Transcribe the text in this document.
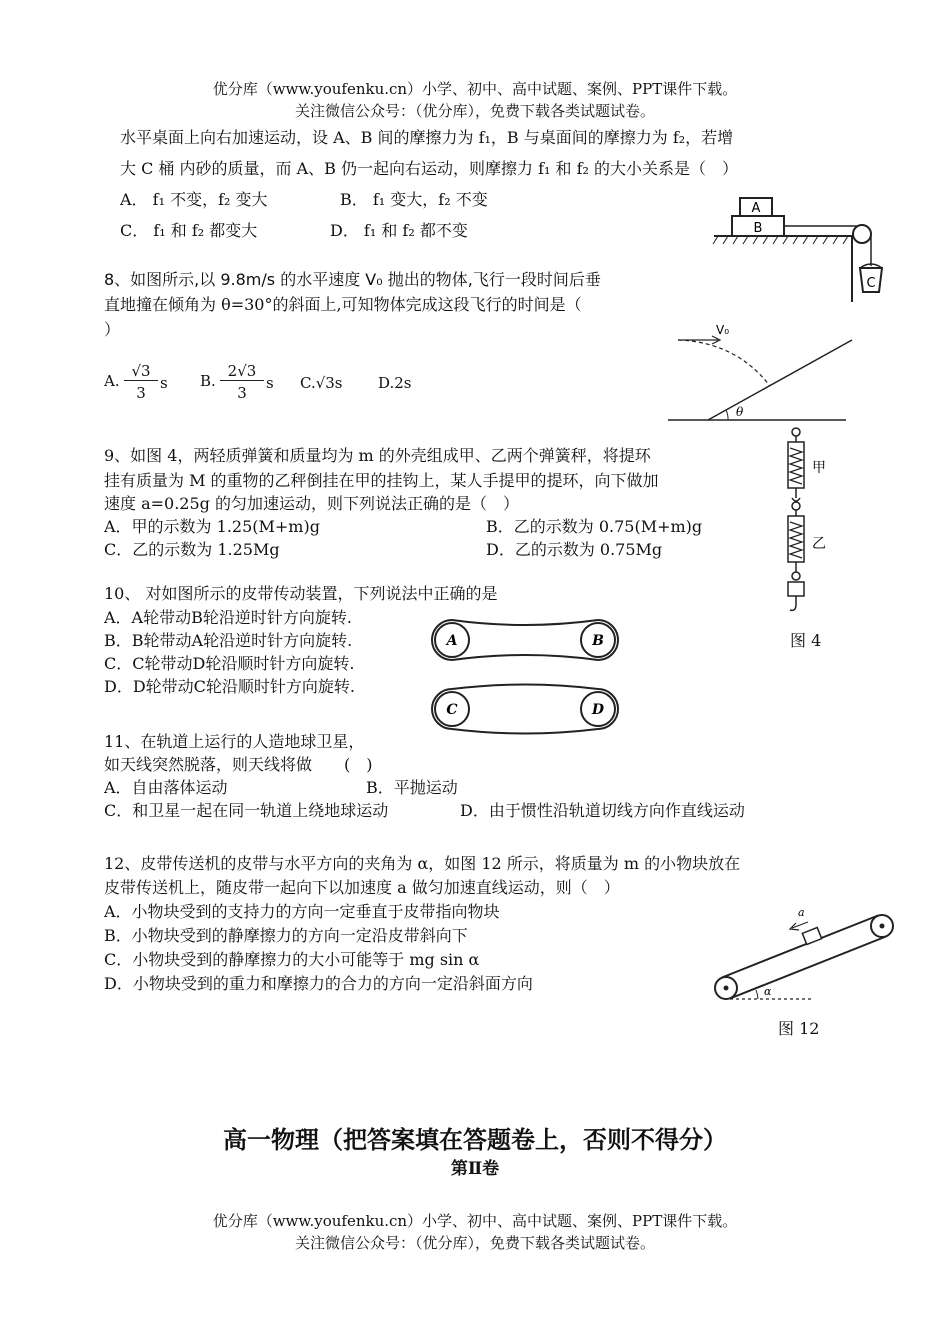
优分库（www.youfenku.cn）小学、初中、高中试题、案例、PPT课件下载。
关注微信公众号：（优分库），免费下载各类试题试卷。
水平桌面上向右加速运动，设 A、B 间的摩擦力为 f₁，B 与桌面间的摩擦力为 f₂，若增
大 C 桶 内砂的质量，而 A、B 仍一起向右运动，则摩擦力 f₁ 和 f₂ 的大小关系是（　）
A． f₁ 不变，f₂ 变大	B． f₁ 变大，f₂ 不变
C． f₁ 和 f₂ 都变大	D． f₁ 和 f₂ 都不变
A
B
C
8、如图所示,以 9.8m/s 的水平速度 V₀ 抛出的物体,飞行一段时间后垂
直地撞在倾角为 θ=30°的斜面上,可知物体完成这段飞行的时间是（
）
A.
√3
3
s B.
2√3
3
s C.√3s D.2s
V₀
θ
9、如图 4，两轻质弹簧和质量均为 m 的外壳组成甲、乙两个弹簧秤，将提环
挂有质量为 M 的重物的乙秤倒挂在甲的挂钩上，某人手提甲的提环，向下做加
速度 a=0.25g 的匀加速运动，则下列说法正确的是（　）
A．甲的示数为 1.25(M+m)g	B．乙的示数为 0.75(M+m)g
C．乙的示数为 1.25Mg	D．乙的示数为 0.75Mg
甲
乙
图 4
10、 对如图所示的皮带传动装置，下列说法中正确的是
A．A轮带动B轮沿逆时针方向旋转.
B．B轮带动A轮沿逆时针方向旋转.
C．C轮带动D轮沿顺时针方向旋转.
D．D轮带动C轮沿顺时针方向旋转.
A	B
C	D
11、在轨道上运行的人造地球卫星，
如天线突然脱落，则天线将做　　(　)
A．自由落体运动	B．平抛运动
C．和卫星一起在同一轨道上绕地球运动	D．由于惯性沿轨道切线方向作直线运动
12、皮带传送机的皮带与水平方向的夹角为 α，如图 12 所示，将质量为 m 的小物块放在
皮带传送机上，随皮带一起向下以加速度 a 做匀加速直线运动，则（　）
A．小物块受到的支持力的方向一定垂直于皮带指向物块
B．小物块受到的静摩擦力的方向一定沿皮带斜向下
C．小物块受到的静摩擦力的大小可能等于 mg sin α
D．小物块受到的重力和摩擦力的合力的方向一定沿斜面方向
a
α
图 12
高一物理（把答案填在答题卷上，否则不得分）
第Ⅱ卷
优分库（www.youfenku.cn）小学、初中、高中试题、案例、PPT课件下载。
关注微信公众号：（优分库），免费下载各类试题试卷。
